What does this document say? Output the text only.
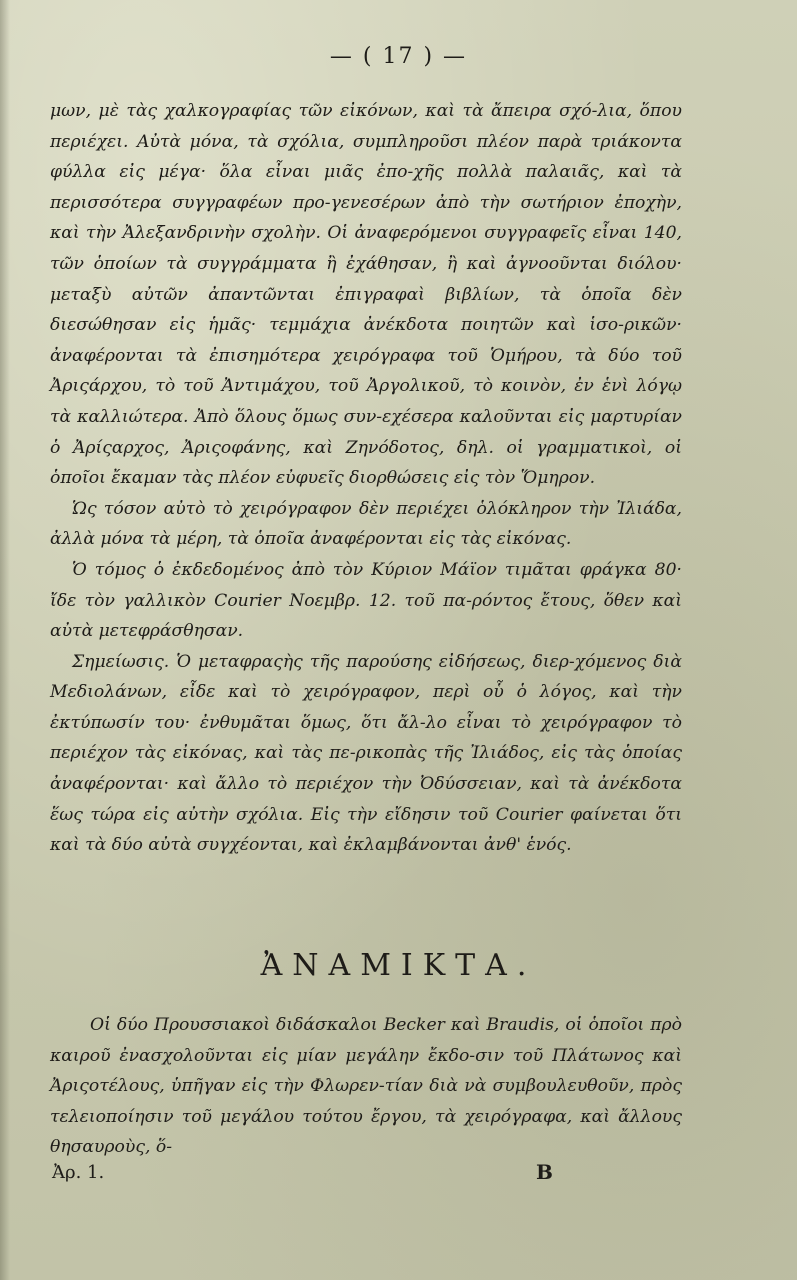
— ( 17 ) —

μων, μὲ τὰς χαλκογραφίας τῶν εἰκόνων, καὶ τὰ ἄπειρα σχό-λια, ὅπου περιέχει. Αὐτὰ μόνα, τὰ σχόλια, συμπληροῦσι πλέον παρὰ τριάκοντα φύλλα εἰς μέγα· ὅλα εἶναι μιᾶς ἐπο-χῆς πολλὰ παλαιᾶς, καὶ τὰ περισσότερα συγγραφέων προ-γενεσέρων ἀπὸ τὴν σωτήριον ἐποχὴν, καὶ τὴν Ἀλεξανδρινὴν σχολὴν. Οἱ ἀναφερόμενοι συγγραφεῖς εἶναι 140, τῶν ὁποίων τὰ συγγράμματα ἢ ἐχάθησαν, ἢ καὶ ἀγνοοῦνται διόλου· μεταξὺ αὐτῶν ἀπαντῶνται ἐπιγραφαὶ βιβλίων, τὰ ὁποῖα δὲν διεσώθησαν εἰς ἡμᾶς· τεμμάχια ἀνέκδοτα ποιητῶν καὶ ἱσο-ρικῶν· ἀναφέρονται τὰ ἐπισημότερα χειρόγραφα τοῦ Ὁμήρου, τὰ δύο τοῦ Ἀριςάρχου, τὸ τοῦ Ἀντιμάχου, τοῦ Ἀργολικοῦ, τὸ κοινὸν, ἐν ἑνὶ λόγῳ τὰ καλλιώτερα. Ἀπὸ ὅλους ὅμως συν-εχέσερα καλοῦνται εἰς μαρτυρίαν ὁ Ἀρίςαρχος, Ἀριςοφάνης, καὶ Ζηνόδοτος, δηλ. οἱ γραμματικοὶ, οἱ ὁποῖοι ἔκαμαν τὰς πλέον εὐφυεῖς διορθώσεις εἰς τὸν Ὅμηρον.

Ὡς τόσον αὐτὸ τὸ χειρόγραφον δὲν περιέχει ὁλόκληρον τὴν Ἰλιάδα, ἀλλὰ μόνα τὰ μέρη, τὰ ὁποῖα ἀναφέρονται εἰς τὰς εἰκόνας.

Ὁ τόμος ὁ ἐκδεδομένος ἀπὸ τὸν Κύριον Μάϊον τιμᾶται φράγκα 80· ἴδε τὸν γαλλικὸν Courier Νοεμβρ. 12. τοῦ πα-ρόντος ἔτους, ὅθεν καὶ αὐτὰ μετεφράσθησαν.

Σημείωσις. Ὁ μεταφραςὴς τῆς παρούσης εἰδήσεως, διερ-χόμενος διὰ Μεδιολάνων, εἶδε καὶ τὸ χειρόγραφον, περὶ οὗ ὁ λόγος, καὶ τὴν ἐκτύπωσίν του· ἐνθυμᾶται ὅμως, ὅτι ἄλ-λο εἶναι τὸ χειρόγραφον τὸ περιέχον τὰς εἰκόνας, καὶ τὰς πε-ρικοπὰς τῆς Ἰλιάδος, εἰς τὰς ὁποίας ἀναφέρονται· καὶ ἄλλο τὸ περιέχον τὴν Ὀδύσσειαν, καὶ τὰ ἀνέκδοτα ἕως τώρα εἰς αὐτὴν σχόλια. Εἰς τὴν εἴδησιν τοῦ Courier φαίνεται ὅτι καὶ τὰ δύο αὐτὰ συγχέονται, καὶ ἐκλαμβάνονται ἀνθ' ἑνός.

ἈΝΑΜΙΚΤΑ.
Οἱ δύο Προυσσιακοὶ διδάσκαλοι Becker καὶ Braudis, οἱ ὁποῖοι πρὸ καιροῦ ἐνασχολοῦνται εἰς μίαν μεγάλην ἔκδο-σιν τοῦ Πλάτωνος καὶ Ἀριςοτέλους, ὑπῆγαν εἰς τὴν Φλωρεν-τίαν διὰ νὰ συμβουλευθοῦν, πρὸς τελειοποίησιν τοῦ μεγάλου τούτου ἔργου, τὰ χειρόγραφα, καὶ ἄλλους θησαυροὺς, ὅ-
Ἀρ. 1.	B
